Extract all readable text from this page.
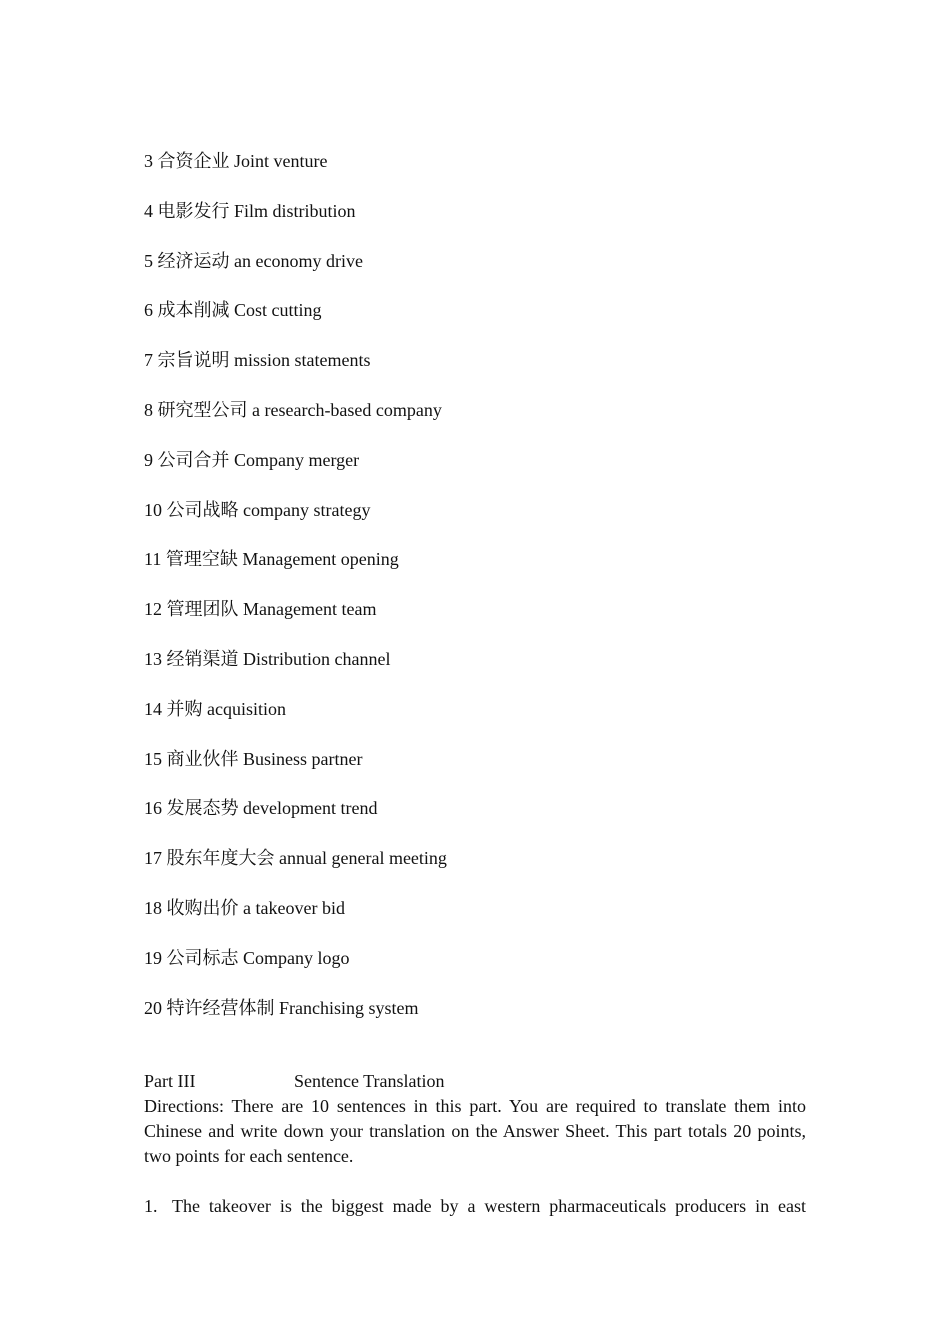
3 合资企业 Joint venture
4 电影发行 Film distribution
5 经济运动 an economy drive
6 成本削减 Cost cutting
7 宗旨说明 mission statements
8 研究型公司 a research-based company
9 公司合并 Company merger
10 公司战略 company strategy
11 管理空缺 Management opening
12 管理团队 Management team
13 经销渠道 Distribution channel
14 并购 acquisition
15 商业伙伴 Business partner
16 发展态势 development trend
17 股东年度大会 annual general meeting
18 收购出价 a takeover bid
19 公司标志 Company logo
20 特许经营体制 Franchising system
Part III	Sentence Translation

Directions: There are 10 sentences in this part. You are required to translate them into Chinese and write down your translation on the Answer Sheet. This part totals 20 points, two points for each sentence.

1. The takeover is the biggest made by a western pharmaceuticals producers in east
